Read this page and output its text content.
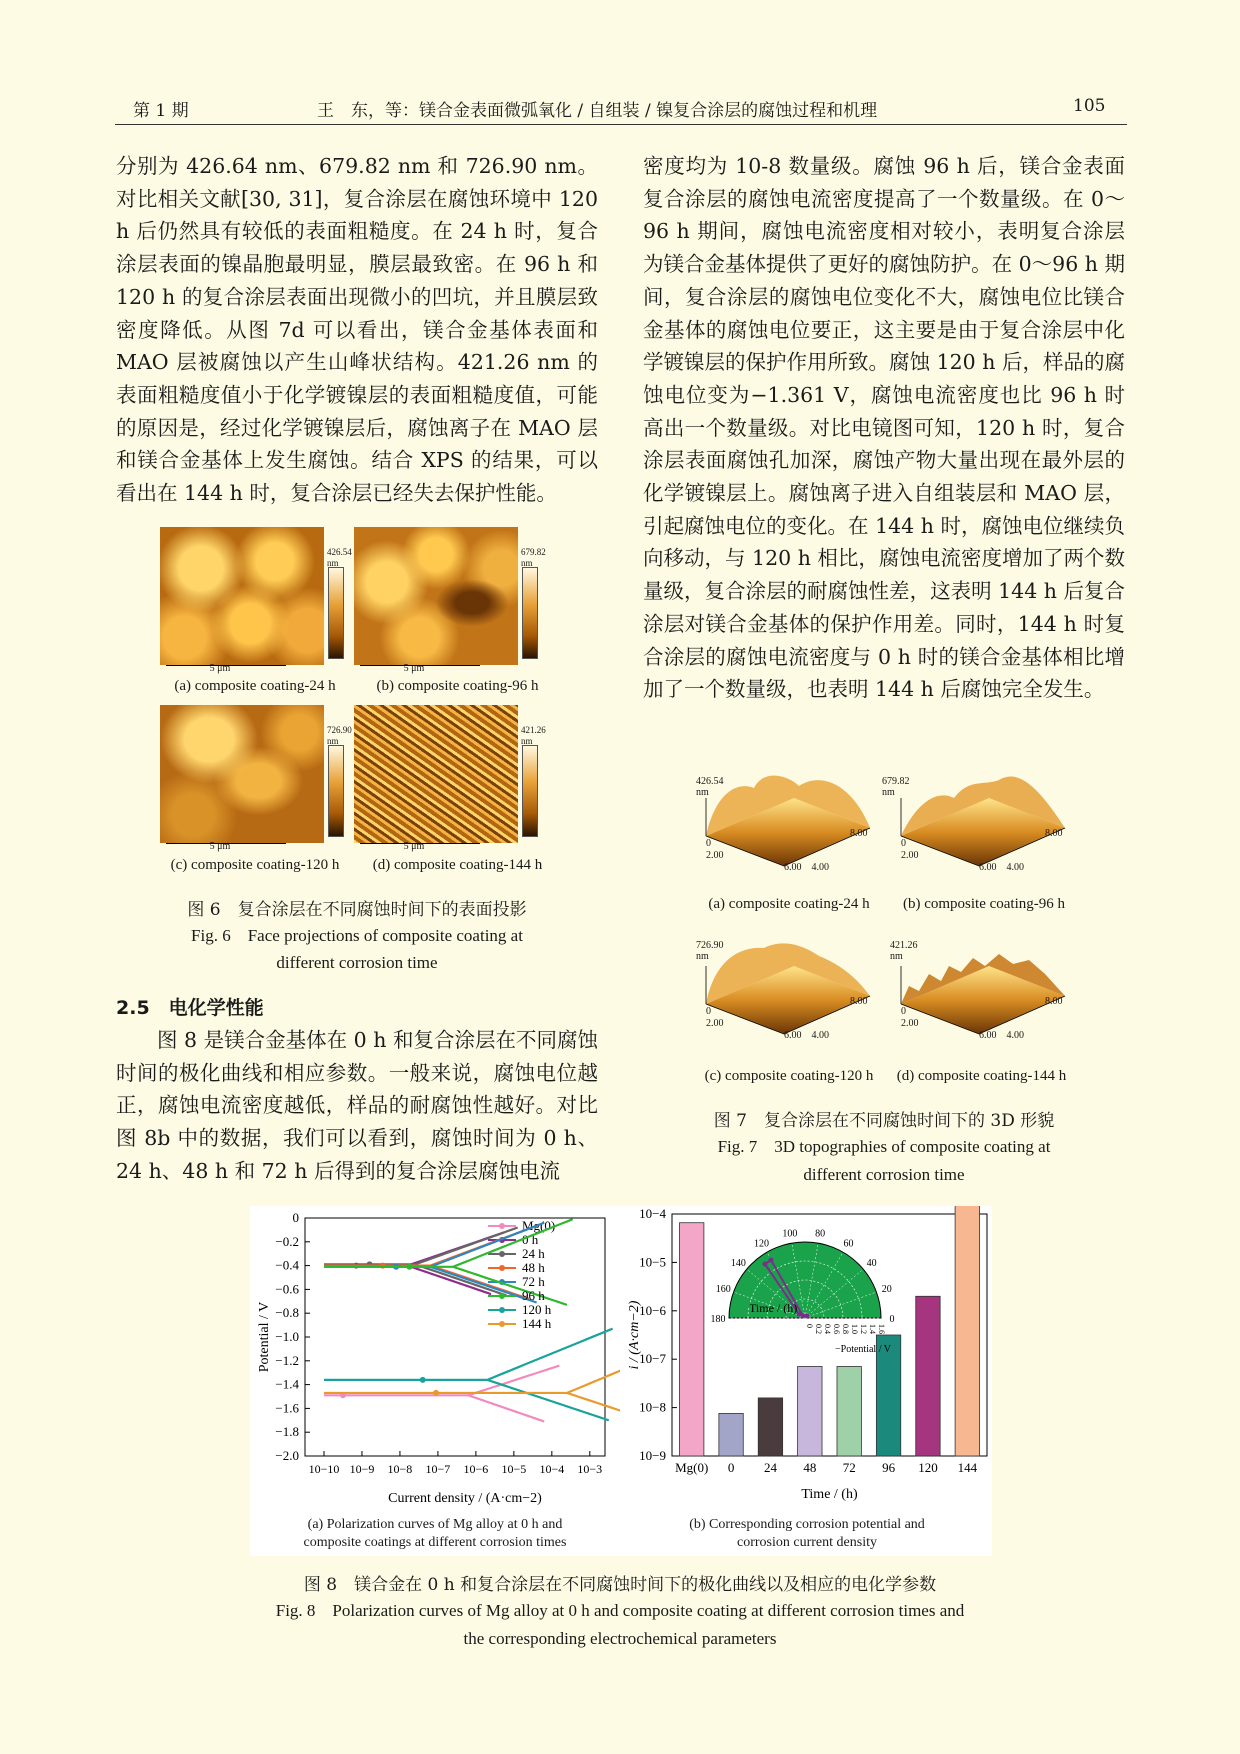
第 1 期	王　东，等：镁合金表面微弧氧化 / 自组装 / 镍复合涂层的腐蚀过程和机理	105

分别为 426.64 nm、679.82 nm 和 726.90 nm。对比相关文献[30, 31]，复合涂层在腐蚀环境中 120 h 后仍然具有较低的表面粗糙度。在 24 h 时，复合涂层表面的镍晶胞最明显，膜层最致密。在 96 h 和 120 h 的复合涂层表面出现微小的凹坑，并且膜层致密度降低。从图 7d 可以看出，镁合金基体表面和 MAO 层被腐蚀以产生山峰状结构。421.26 nm 的表面粗糙度值小于化学镀镍层的表面粗糙度值，可能的原因是，经过化学镀镍层后，腐蚀离子在 MAO 层和镁合金基体上发生腐蚀。结合 XPS 的结果，可以看出在 144 h 时，复合涂层已经失去保护性能。

426.54
nm
679.82
nm
5 μm	5 μm
(a) composite coating-24 h	(b) composite coating-96 h
726.90
nm
421.26
nm
5 μm	5 μm
(c) composite coating-120 h	(d) composite coating-144 h
图 6　复合涂层在不同腐蚀时间下的表面投影
Fig. 6　Face projections of composite coating at
different corrosion time
2.5　电化学性能

图 8 是镁合金基体在 0 h 和复合涂层在不同腐蚀时间的极化曲线和相应参数。一般来说，腐蚀电位越正，腐蚀电流密度越低，样品的耐腐蚀性越好。对比图 8b 中的数据，我们可以看到，腐蚀时间为 0 h、24 h、48 h 和 72 h 后得到的复合涂层腐蚀电流

密度均为 10-8 数量级。腐蚀 96 h 后，镁合金表面复合涂层的腐蚀电流密度提高了一个数量级。在 0～96 h 期间，腐蚀电流密度相对较小，表明复合涂层为镁合金基体提供了更好的腐蚀防护。在 0～96 h 期间，复合涂层的腐蚀电位变化不大，腐蚀电位比镁合金基体的腐蚀电位要正，这主要是由于复合涂层中化学镀镍层的保护作用所致。腐蚀 120 h 后，样品的腐蚀电位变为−1.361 V，腐蚀电流密度也比 96 h 时高出一个数量级。对比电镜图可知，120 h 时，复合涂层表面腐蚀孔加深，腐蚀产物大量出现在最外层的化学镀镍层上。腐蚀离子进入自组装层和 MAO 层，引起腐蚀电位的变化。在 144 h 时，腐蚀电位继续负向移动，与 120 h 相比，腐蚀电流密度增加了两个数量级，复合涂层的耐腐蚀性差，这表明 144 h 后复合涂层对镁合金基体的保护作用差。同时，144 h 时复合涂层的腐蚀电流密度与 0 h 时的镁合金基体相比增加了一个数量级，也表明 144 h 后腐蚀完全发生。

426.54
nm
679.82
nm
726.90
nm
421.26
nm
0
2.00
0
2.00
0
2.00
0
2.00
6.00　 4.00	6.00　 4.00
6.00　 4.00	6.00　 4.00
8.00	8.00
8.00	8.00
(a) composite coating-24 h	(b) composite coating-96 h
(c) composite coating-120 h	(d) composite coating-144 h
图 7　复合涂层在不同腐蚀时间下的 3D 形貌
Fig. 7　3D topographies of composite coating at
different corrosion time
0
−0.2
−0.4
−0.6
−0.8
−1.0
−1.2
−1.4
−1.6
−1.8
−2.0
10−10 10−9 10−8 10−7 10−6 10−5 10−4 10−3
Current density / (A·cm−2)
Potential / V
Mg(0)
0 h
24 h
48 h
72 h
96 h
120 h
144 h
10−4
10−5
10−6
10−7
10−8
10−9
Mg(0) 0 24 48 72 96 120 144
Time / (h)
i / (A·cm−2)	0
20
40
60
80
100
120
140
160
180
0 0.2 0.4 0.6 0.8 1.0 1.2 1.4 1.6
Time / (h)
−Potential / V
(a) Polarization curves of Mg alloy at 0 h and
composite coatings at different corrosion times
(b) Corresponding corrosion potential and
corrosion current density
图 8　镁合金在 0 h 和复合涂层在不同腐蚀时间下的极化曲线以及相应的电化学参数
Fig. 8　Polarization curves of Mg alloy at 0 h and composite coating at different corrosion times and
the corresponding electrochemical parameters
